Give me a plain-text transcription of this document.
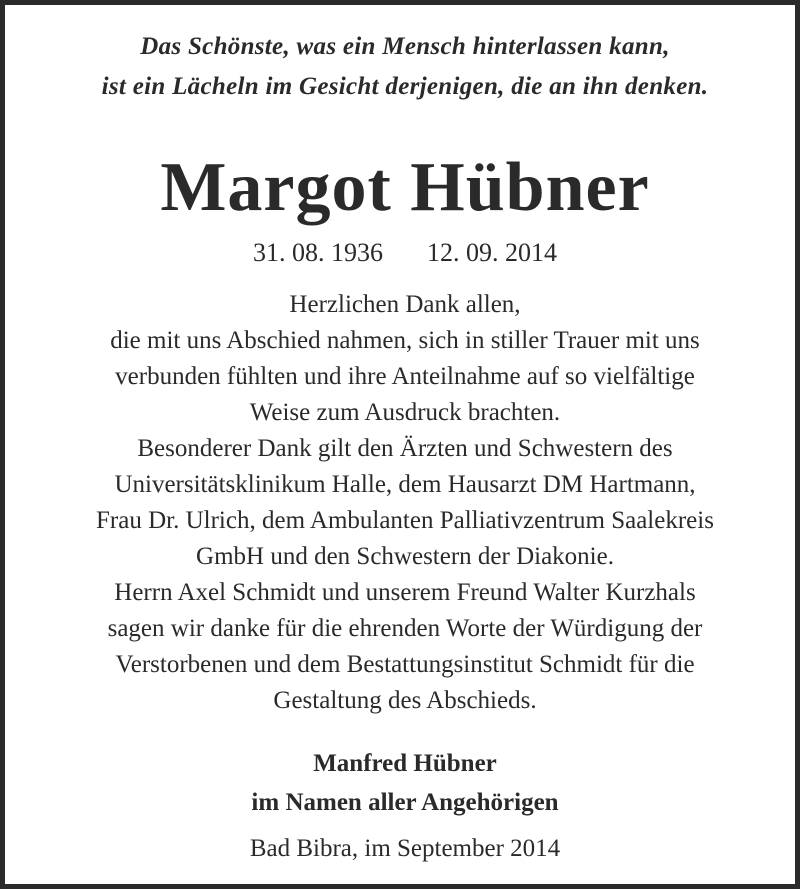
Das Schönste, was ein Mensch hinterlassen kann,
ist ein Lächeln im Gesicht derjenigen, die an ihn denken.
Margot Hübner
31. 08. 1936 12. 09. 2014
Herzlichen Dank allen,
die mit uns Abschied nahmen, sich in stiller Trauer mit uns
verbunden fühlten und ihre Anteilnahme auf so vielfältige
Weise zum Ausdruck brachten.
Besonderer Dank gilt den Ärzten und Schwestern des
Universitätsklinikum Halle, dem Hausarzt DM Hartmann,
Frau Dr. Ulrich, dem Ambulanten Palliativzentrum Saalekreis
GmbH und den Schwestern der Diakonie.
Herrn Axel Schmidt und unserem Freund Walter Kurzhals
sagen wir danke für die ehrenden Worte der Würdigung der
Verstorbenen und dem Bestattungsinstitut Schmidt für die
Gestaltung des Abschieds.
Manfred Hübner
im Namen aller Angehörigen
Bad Bibra, im September 2014
